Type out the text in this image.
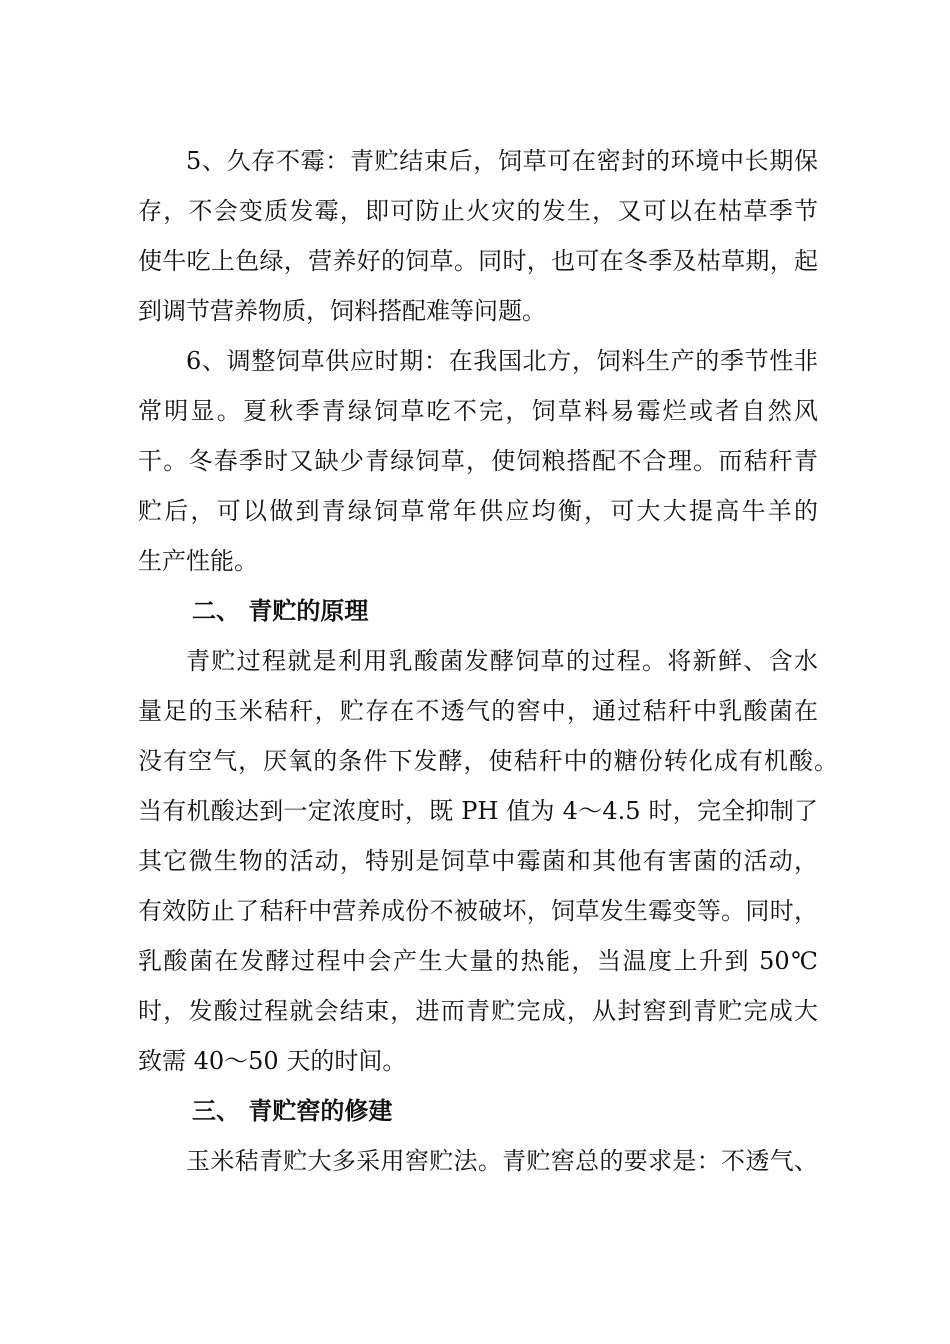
5、久存不霉：青贮结束后，饲草可在密封的环境中长期保
存，不会变质发霉，即可防止火灾的发生，又可以在枯草季节
使牛吃上色绿，营养好的饲草。同时，也可在冬季及枯草期，起
到调节营养物质，饲料搭配难等问题。
6、调整饲草供应时期：在我国北方，饲料生产的季节性非
常明显。夏秋季青绿饲草吃不完，饲草料易霉烂或者自然风
干。冬春季时又缺少青绿饲草，使饲粮搭配不合理。而秸秆青
贮后，可以做到青绿饲草常年供应均衡，可大大提高牛羊的
生产性能。
二、 青贮的原理
青贮过程就是利用乳酸菌发酵饲草的过程。将新鲜、含水
量足的玉米秸秆，贮存在不透气的窖中，通过秸秆中乳酸菌在
没有空气，厌氧的条件下发酵，使秸秆中的糖份转化成有机酸。
当有机酸达到一定浓度时，既 PH 值为 4～4.5 时，完全抑制了
其它微生物的活动，特别是饲草中霉菌和其他有害菌的活动，
有效防止了秸秆中营养成份不被破坏，饲草发生霉变等。同时，
乳酸菌在发酵过程中会产生大量的热能，当温度上升到 50℃
时，发酸过程就会结束，进而青贮完成，从封窖到青贮完成大
致需 40～50 天的时间。
三、 青贮窖的修建
玉米秸青贮大多采用窖贮法。青贮窖总的要求是：不透气、
